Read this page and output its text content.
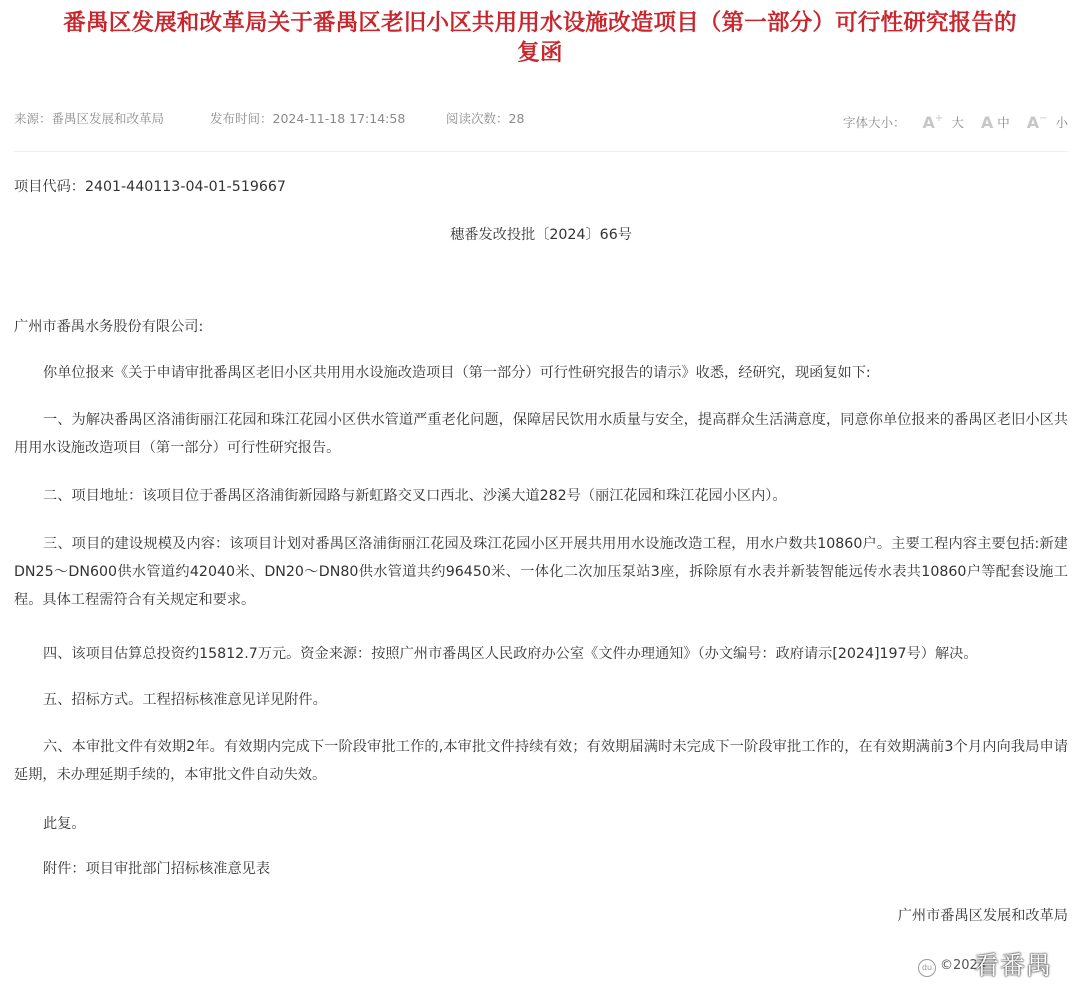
番禺区发展和改革局关于番禺区老旧小区共用用水设施改造项目（第一部分）可行性研究报告的复函
来源：番禺区发展和改革局	发布时间：2024-11-18 17:14:58	阅读次数：28	字体大小： A+ 大 A 中 A− 小

项目代码：2401-440113-04-01-519667

穗番发改投批〔2024〕66号

广州市番禺水务股份有限公司:

你单位报来《关于申请审批番禺区老旧小区共用用水设施改造项目（第一部分）可行性研究报告的请示》收悉，经研究，现函复如下:

一、为解决番禺区洛浦街丽江花园和珠江花园小区供水管道严重老化问题，保障居民饮用水质量与安全，提高群众生活满意度，同意你单位报来的番禺区老旧小区共用用水设施改造项目（第一部分）可行性研究报告。

二、项目地址：该项目位于番禺区洛浦街新园路与新虹路交叉口西北、沙溪大道282号（丽江花园和珠江花园小区内）。

三、项目的建设规模及内容：该项目计划对番禺区洛浦街丽江花园及珠江花园小区开展共用用水设施改造工程，用水户数共10860户。主要工程内容主要包括:新建DN25～DN600供水管道约42040米、DN20～DN80供水管道共约96450米、一体化二次加压泵站3座，拆除原有水表并新装智能远传水表共10860户等配套设施工程。具体工程需符合有关规定和要求。

四、该项目估算总投资约15812.7万元。资金来源：按照广州市番禺区人民政府办公室《文件办理通知》（办文编号：政府请示[2024]197号）解决。

五、招标方式。工程招标核准意见详见附件。

六、本审批文件有效期2年。有效期内完成下一阶段审批工作的,本审批文件持续有效；有效期届满时未完成下一阶段审批工作的，在有效期满前3个月内向我局申请延期，未办理延期手续的，本审批文件自动失效。

此复。

附件：项目审批部门招标核准意见表

广州市番禺区发展和改革局

du ©2024
看番禺
